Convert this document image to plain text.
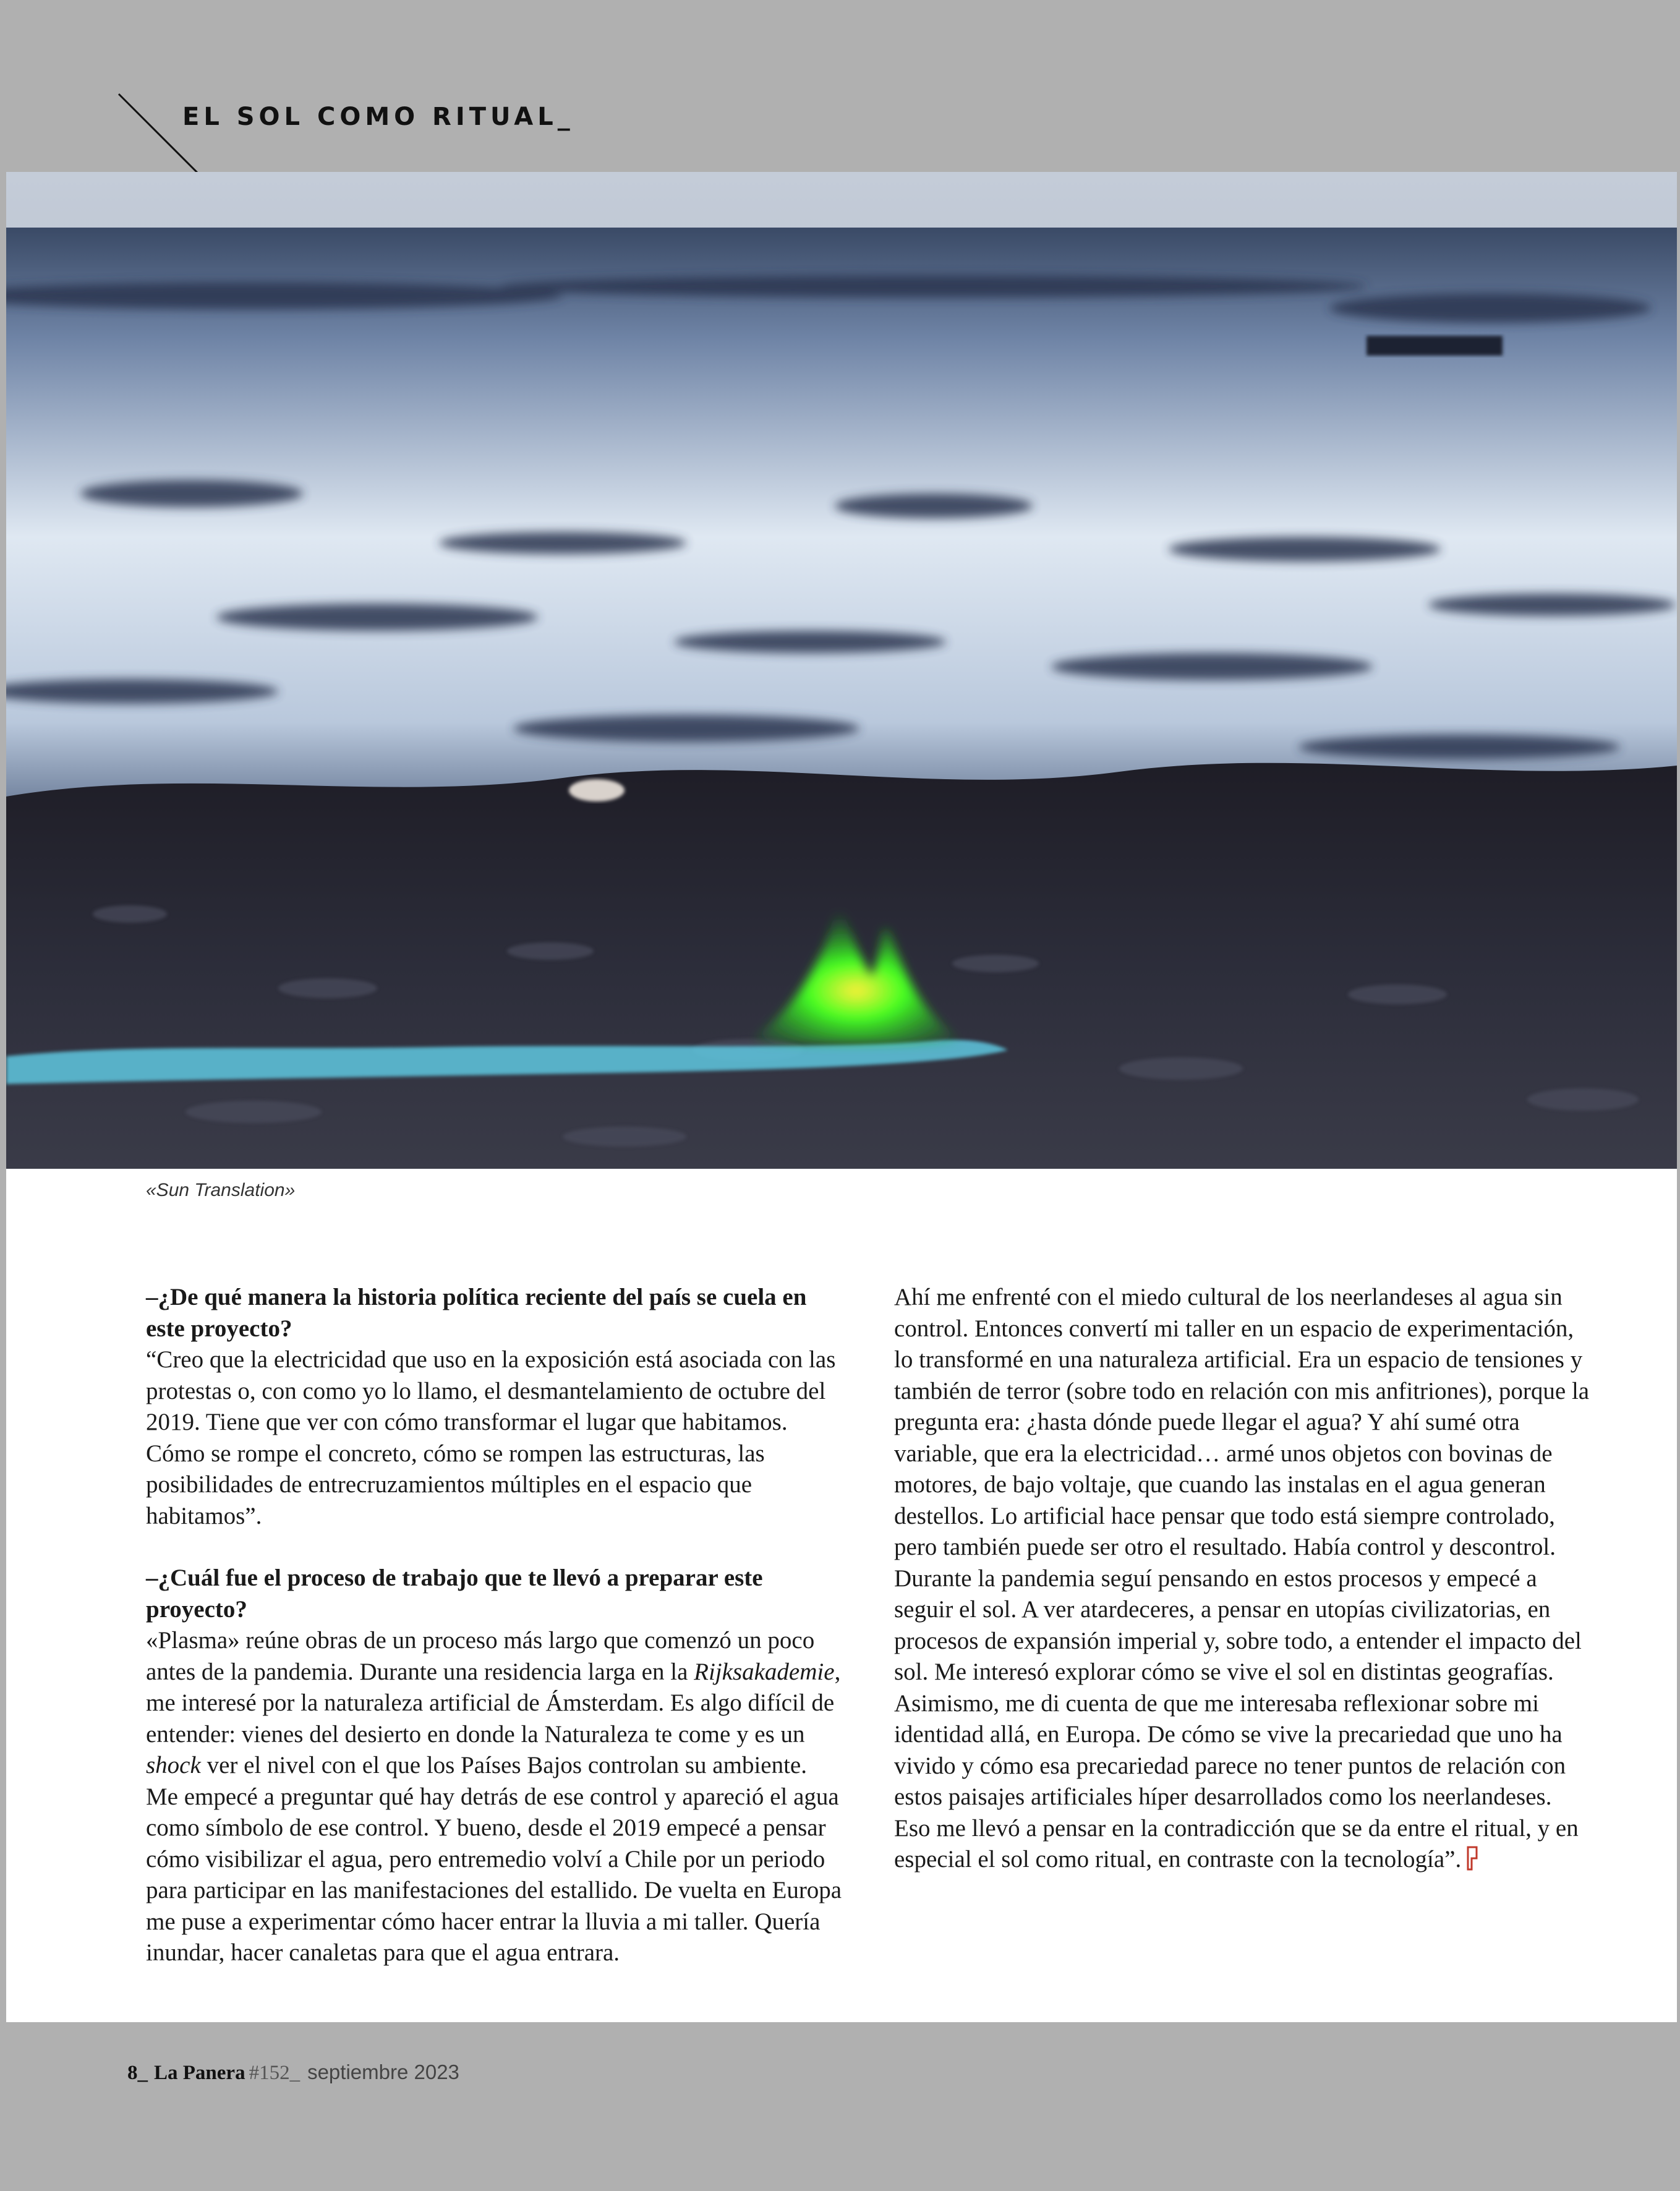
EL SOL COMO RITUAL_
«Sun Translation»

–¿De qué manera la historia política reciente del país se cuela en este proyecto?

“Creo que la electricidad que uso en la exposición está asociada con las protestas o, con como yo lo llamo, el desmantelamiento de octubre del 2019. Tiene que ver con cómo transformar el lugar que habitamos. Cómo se rompe el concreto, cómo se rompen las estructuras, las posibilidades de entrecruzamientos múltiples en el espacio que habitamos”.

–¿Cuál fue el proceso de trabajo que te llevó a preparar este proyecto?

«Plasma» reúne obras de un proceso más largo que comenzó un poco antes de la pandemia. Durante una residencia larga en la Rijksakademie, me interesé por la naturaleza artificial de Ámsterdam. Es algo difícil de entender: vienes del desierto en donde la Naturaleza te come y es un shock ver el nivel con el que los Países Bajos controlan su ambiente. Me empecé a preguntar qué hay detrás de ese control y apareció el agua como símbolo de ese control. Y bueno, desde el 2019 empecé a pensar cómo visibilizar el agua, pero entremedio volví a Chile por un periodo para participar en las manifestaciones del estallido. De vuelta en Europa me puse a experimentar cómo hacer entrar la lluvia a mi taller. Quería inundar, hacer canaletas para que el agua entrara.

Ahí me enfrenté con el miedo cultural de los neerlandeses al agua sin control. Entonces convertí mi taller en un espacio de experimentación, lo transformé en una naturaleza artificial. Era un espacio de tensiones y también de terror (sobre todo en relación con mis anfitriones), porque la pregunta era: ¿hasta dónde puede llegar el agua? Y ahí sumé otra variable, que era la electricidad… armé unos objetos con bovinas de motores, de bajo voltaje, que cuando las instalas en el agua generan destellos. Lo artificial hace pensar que todo está siempre controlado, pero también puede ser otro el resultado. Había control y descontrol. Durante la pandemia seguí pensando en estos procesos y empecé a seguir el sol. A ver atardeceres, a pensar en utopías civilizatorias, en procesos de expansión imperial y, sobre todo, a entender el impacto del sol. Me interesó explorar cómo se vive el sol en distintas geografías. Asimismo, me di cuenta de que me interesaba reflexionar sobre mi identidad allá, en Europa. De cómo se vive la precariedad que uno ha vivido y cómo esa precariedad parece no tener puntos de relación con estos paisajes artificiales híper desarrollados como los neerlandeses. Eso me llevó a pensar en la contradicción que se da entre el ritual, y en especial el sol como ritual, en contraste con la tecnología”.

8_ La Panera #152_ septiembre 2023
